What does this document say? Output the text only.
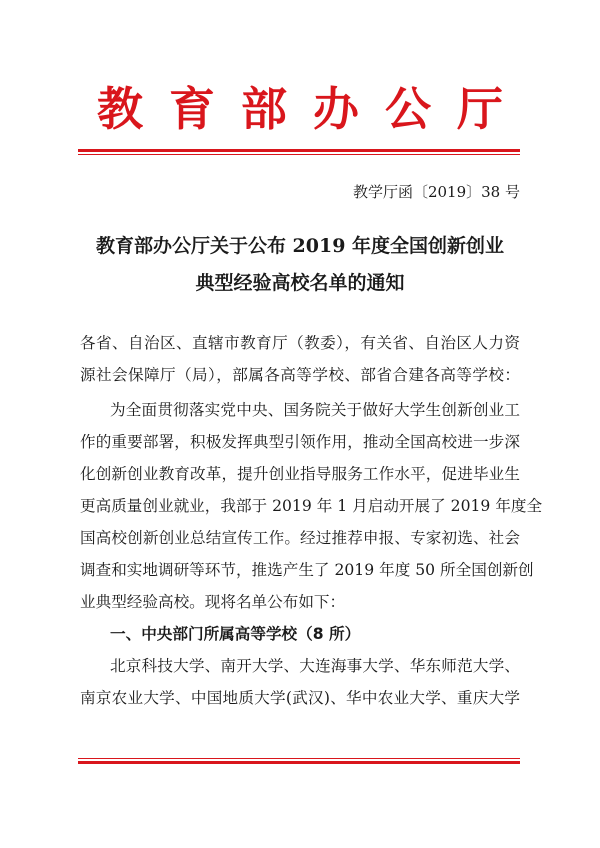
教育部办公厅
教学厅函〔2019〕38 号
教育部办公厅关于公布 2019 年度全国创新创业
典型经验高校名单的通知
各省、自治区、直辖市教育厅（教委），有关省、自治区人力资
源社会保障厅（局），部属各高等学校、部省合建各高等学校：
为全面贯彻落实党中央、国务院关于做好大学生创新创业工
作的重要部署，积极发挥典型引领作用，推动全国高校进一步深
化创新创业教育改革，提升创业指导服务工作水平，促进毕业生
更高质量创业就业，我部于 2019 年 1 月启动开展了 2019 年度全
国高校创新创业总结宣传工作。经过推荐申报、专家初选、社会
调查和实地调研等环节，推选产生了 2019 年度 50 所全国创新创
业典型经验高校。现将名单公布如下：
一、中央部门所属高等学校（8 所）
北京科技大学、南开大学、大连海事大学、华东师范大学、
南京农业大学、中国地质大学(武汉)、华中农业大学、重庆大学
